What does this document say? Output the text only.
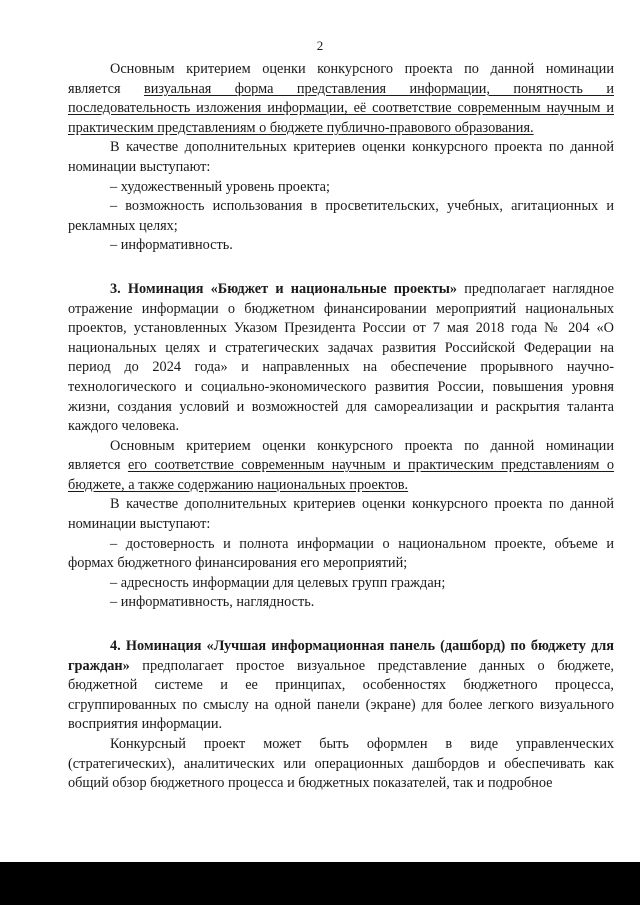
2

Основным критерием оценки конкурсного проекта по данной номинации является визуальная форма представления информации, понятность и последовательность изложения информации, её соответствие современным научным и практическим представлениям о бюджете публично-правового образования.

В качестве дополнительных критериев оценки конкурсного проекта по данной номинации выступают:

– художественный уровень проекта;

– возможность использования в просветительских, учебных, агитационных и рекламных целях;

– информативность.

3. Номинация «Бюджет и национальные проекты» предполагает наглядное отражение информации о бюджетном финансировании мероприятий национальных проектов, установленных Указом Президента России от 7 мая 2018 года № 204 «О национальных целях и стратегических задачах развития Российской Федерации на период до 2024 года» и направленных на обеспечение прорывного научно-технологического и социально-экономического развития России, повышения уровня жизни, создания условий и возможностей для самореализации и раскрытия таланта каждого человека.

Основным критерием оценки конкурсного проекта по данной номинации является его соответствие современным научным и практическим представлениям о бюджете, а также содержанию национальных проектов.

В качестве дополнительных критериев оценки конкурсного проекта по данной номинации выступают:

– достоверность и полнота информации о национальном проекте, объеме и формах бюджетного финансирования его мероприятий;

– адресность информации для целевых групп граждан;

– информативность, наглядность.

4. Номинация «Лучшая информационная панель (дашборд) по бюджету для граждан» предполагает простое визуальное представление данных о бюджете, бюджетной системе и ее принципах, особенностях бюджетного процесса, сгруппированных по смыслу на одной панели (экране) для более легкого визуального восприятия информации.

Конкурсный проект может быть оформлен в виде управленческих (стратегических), аналитических или операционных дашбордов и обеспечивать как общий обзор бюджетного процесса и бюджетных показателей, так и подробное
